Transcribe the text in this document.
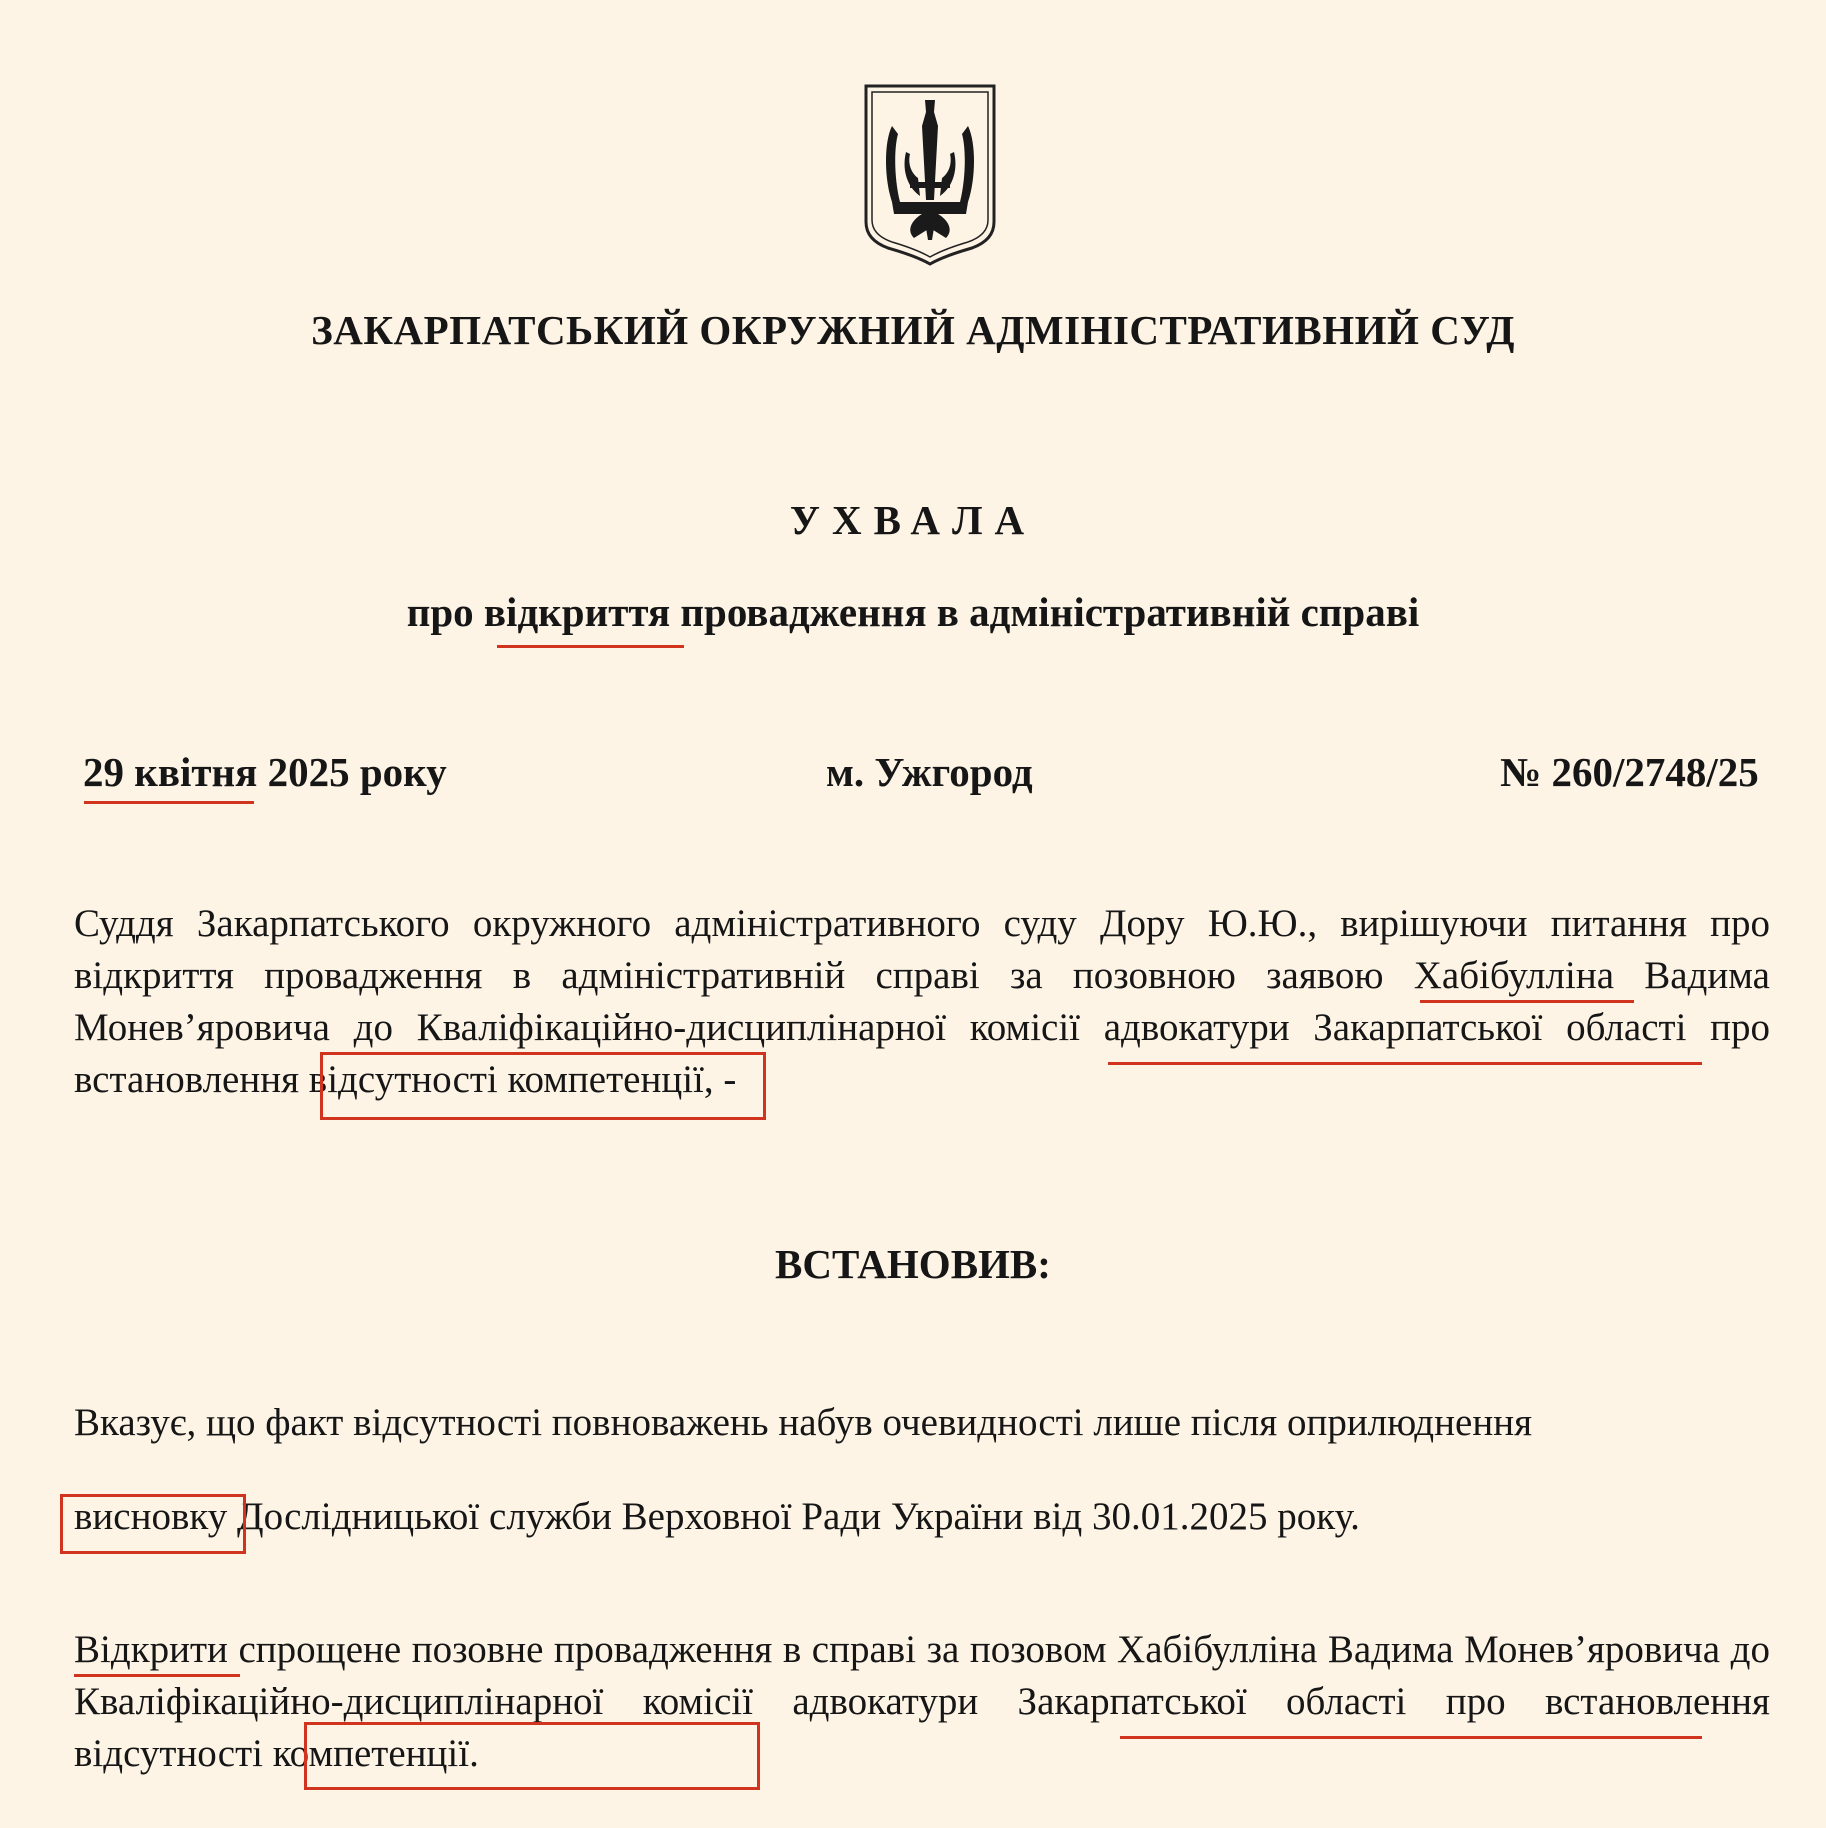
ЗАКАРПАТСЬКИЙ ОКРУЖНИЙ АДМІНІСТРАТИВНИЙ СУД
УХВАЛА
про відкриття провадження в адміністративній справі
29 квітня 2025 року	м. Ужгород	№ 260/2748/25
Суддя Закарпатського окружного адміністративного суду Дору Ю.Ю., вирішуючи питання про відкриття провадження в адміністративній справі за позовною заявою Хабібулліна Вадима Моневʼяровича до Кваліфікаційно-дисциплінарної комісії адвокатури Закарпатської області про встановлення відсутності компетенції, -
ВСТАНОВИВ:
Вказує, що факт відсутності повноважень набув очевидності лише після оприлюднення
висновку Дослідницької служби Верховної Ради України від 30.01.2025 року.
Відкрити спрощене позовне провадження в справі за позовом Хабібулліна Вадима Моневʼяровича до Кваліфікаційно-дисциплінарної комісії адвокатури Закарпатської області про встановлення відсутності компетенції.
